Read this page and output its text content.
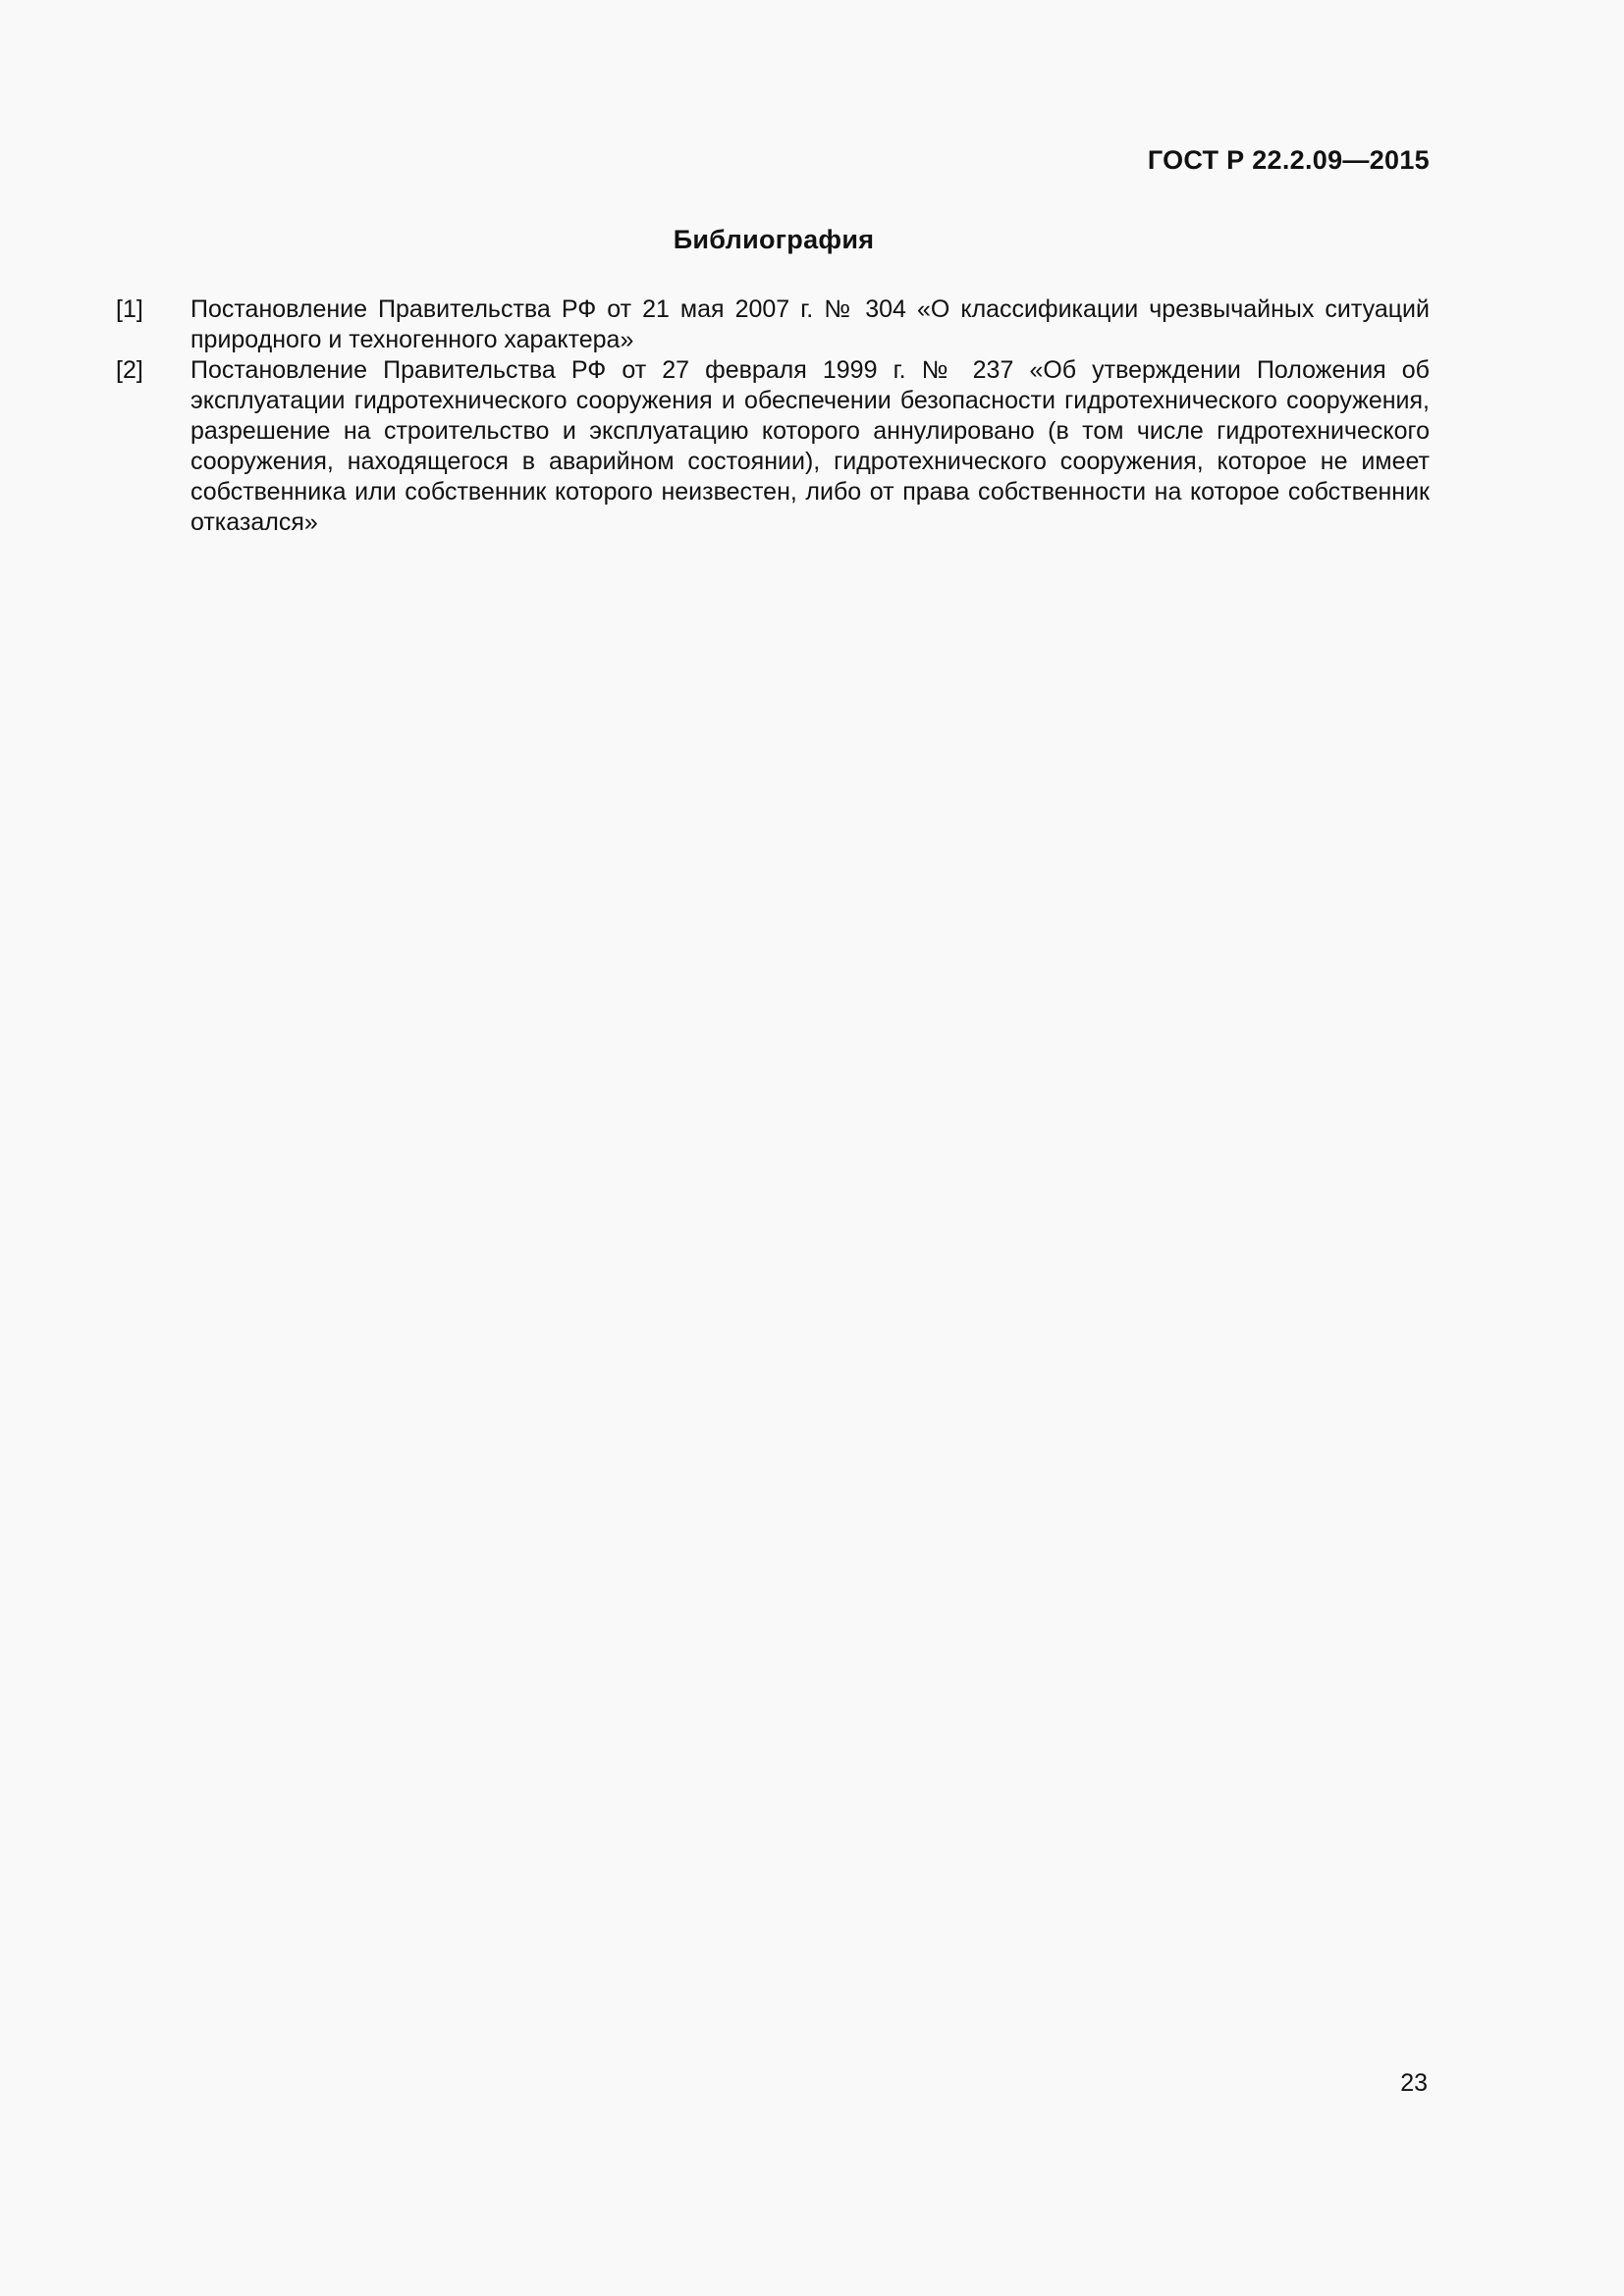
ГОСТ Р 22.2.09—2015
Библиография
[1] Постановление Правительства РФ от 21 мая 2007 г. № 304 «О классификации чрезвычайных ситуаций природного и техногенного характера»
[2] Постановление Правительства РФ от 27 февраля 1999 г. № 237 «Об утверждении Положения об эксплуатации гидротехнического сооружения и обеспечении безопасности гидротехнического сооружения, разрешение на строительство и эксплуатацию которого аннулировано (в том числе гидротехнического сооружения, находящегося в аварийном состоянии), гидротехнического сооружения, которое не имеет собственника или собственник которого неизвестен, либо от права собственности на которое собственник отказался»
23
